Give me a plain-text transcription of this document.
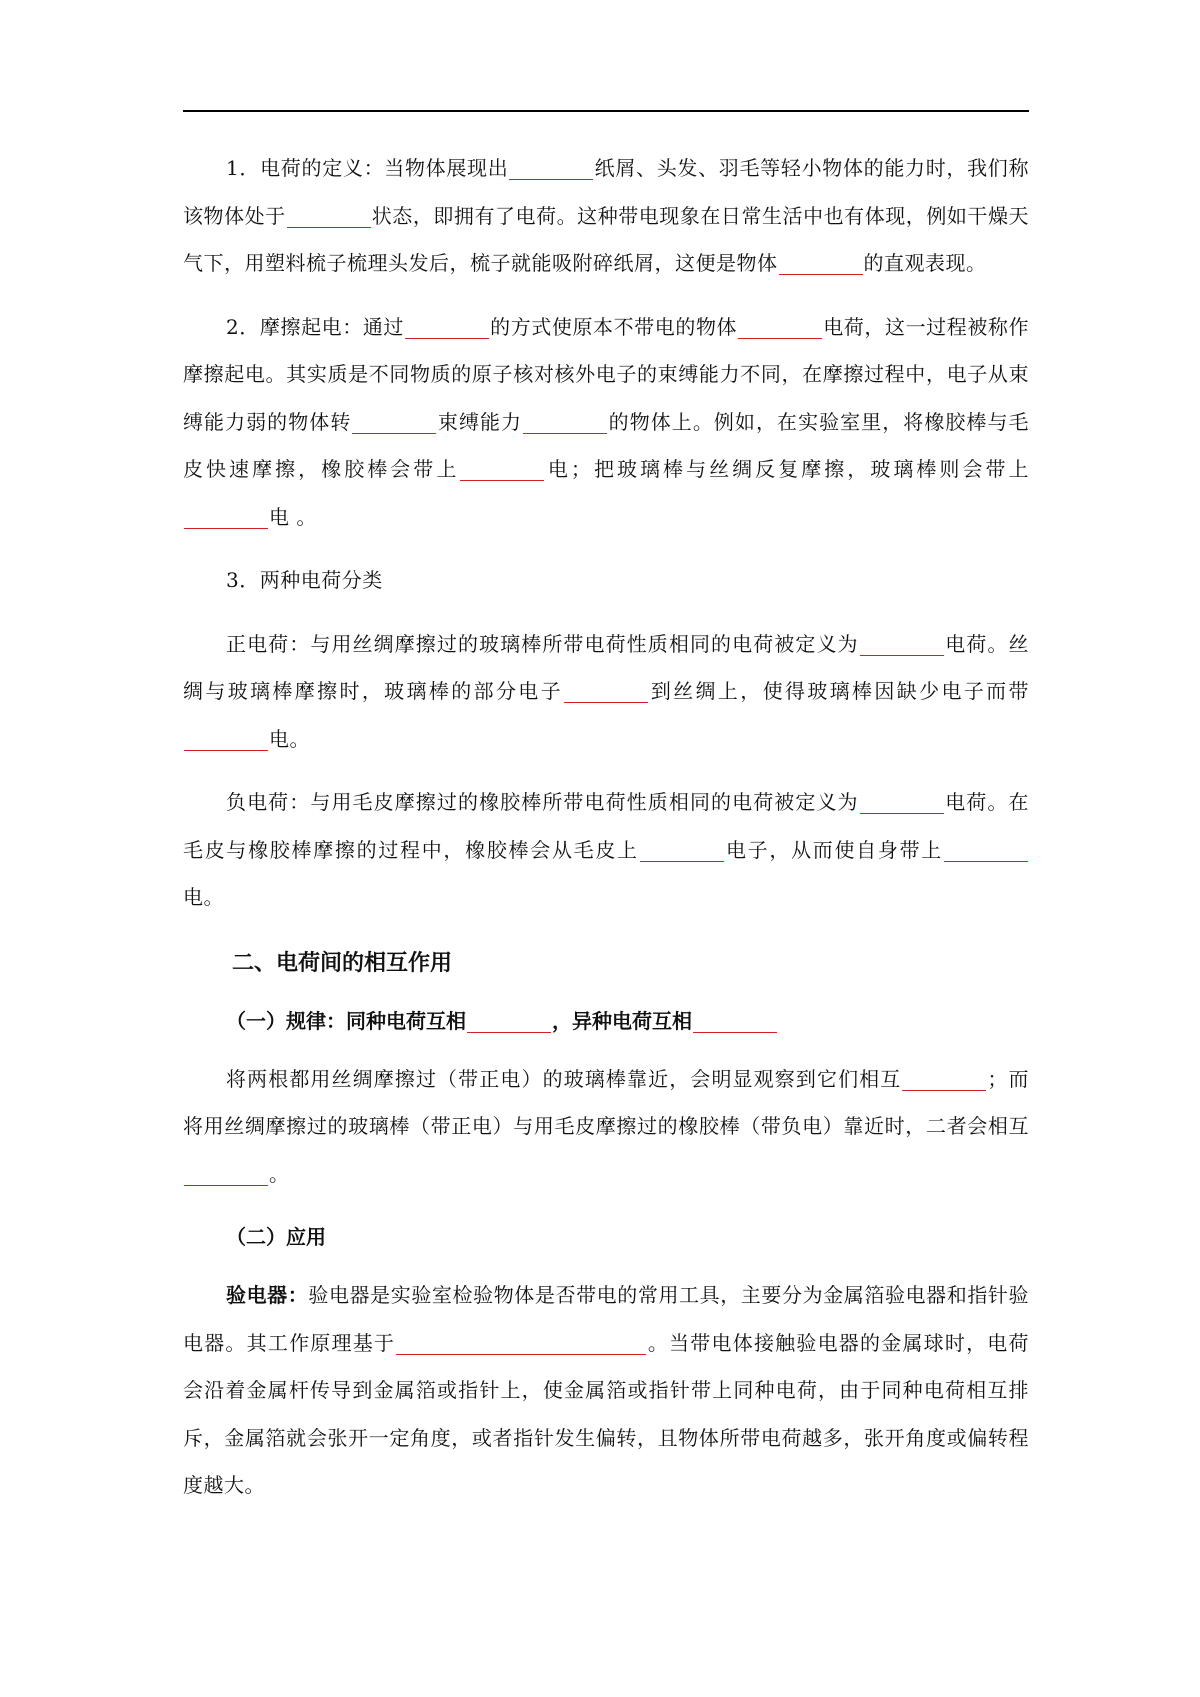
1．电荷的定义：当物体展现出	纸屑、头发、羽毛等轻小物体的能力时，我们称该物体处于	状态，即拥有了电荷。这种带电现象在日常生活中也有体现，例如干燥天气下，用塑料梳子梳理头发后，梳子就能吸附碎纸屑，这便是物体	的直观表现。

2．摩擦起电：通过	的方式使原本不带电的物体	电荷，这一过程被称作摩擦起电。其实质是不同物质的原子核对核外电子的束缚能力不同，在摩擦过程中，电子从束缚能力弱的物体转	束缚能力	的物体上。例如，在实验室里，将橡胶棒与毛皮快速摩擦，橡胶棒会带上	电；把玻璃棒与丝绸反复摩擦，玻璃棒则会带上电 。

3．两种电荷分类

正电荷：与用丝绸摩擦过的玻璃棒所带电荷性质相同的电荷被定义为	电荷。丝绸与玻璃棒摩擦时，玻璃棒的部分电子	到丝绸上，使得玻璃棒因缺少电子而带电。

负电荷：与用毛皮摩擦过的橡胶棒所带电荷性质相同的电荷被定义为	电荷。在毛皮与橡胶棒摩擦的过程中，橡胶棒会从毛皮上	电子，从而使自身带上电。

二、电荷间的相互作用
（一）规律：同种电荷互相	，异种电荷互相

将两根都用丝绸摩擦过（带正电）的玻璃棒靠近，会明显观察到它们相互	；而将用丝绸摩擦过的玻璃棒（带正电）与用毛皮摩擦过的橡胶棒（带负电）靠近时，二者会相互。

（二）应用

验电器：验电器是实验室检验物体是否带电的常用工具，主要分为金属箔验电器和指针验电器。其工作原理基于	。当带电体接触验电器的金属球时，电荷会沿着金属杆传导到金属箔或指针上，使金属箔或指针带上同种电荷，由于同种电荷相互排斥，金属箔就会张开一定角度，或者指针发生偏转，且物体所带电荷越多，张开角度或偏转程度越大。
